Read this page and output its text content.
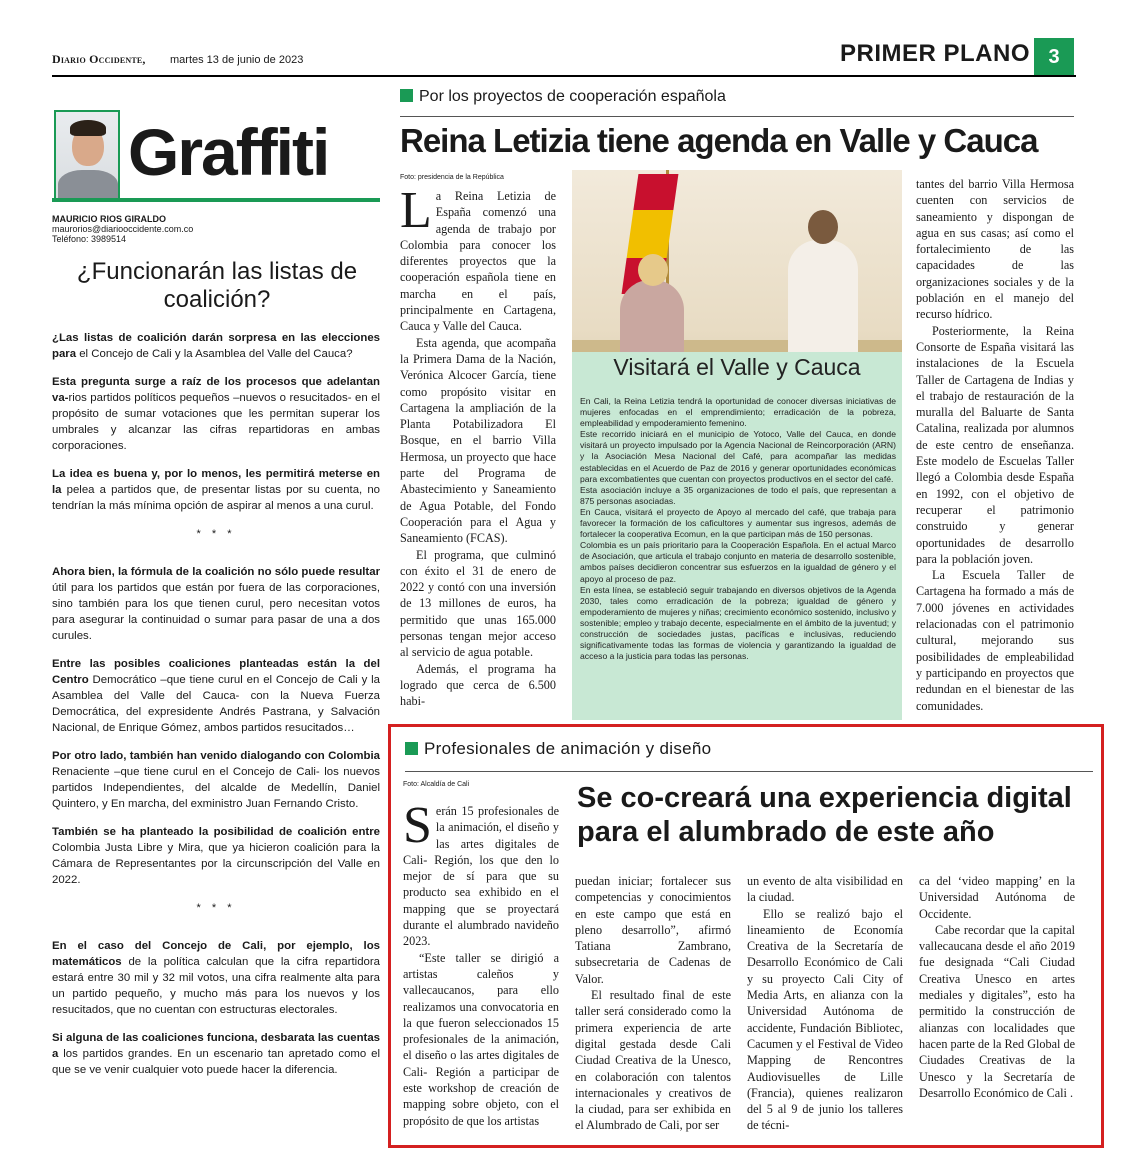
Diario Occidente, martes 13 de junio de 2023	PRIMER PLANO 3
Graffiti
MAURICIO RIOS GIRALDO
maurorios@diariooccidente.com.co
Teléfono: 3989514
¿Funcionarán las listas de coalición?

¿Las listas de coalición darán sorpresa en las elecciones para el Concejo de Cali y la Asamblea del Valle del Cauca?

Esta pregunta surge a raíz de los procesos que adelantan va-rios partidos políticos pequeños –nuevos o resucitados- en el propósito de sumar votaciones que les permitan superar los umbrales y alcanzar las cifras repartidoras en ambas corporaciones.

La idea es buena y, por lo menos, les permitirá meterse en la pelea a partidos que, de presentar listas por su cuenta, no tendrían la más mínima opción de aspirar al menos a una curul.

* * *

Ahora bien, la fórmula de la coalición no sólo puede resultar útil para los partidos que están por fuera de las corporaciones, sino también para los que tienen curul, pero necesitan votos para asegurar la continuidad o sumar para pasar de una a dos curules.

Entre las posibles coaliciones planteadas están la del Centro Democrático –que tiene curul en el Concejo de Cali y la Asamblea del Valle del Cauca- con la Nueva Fuerza Democrática, del expresidente Andrés Pastrana, y Salvación Nacional, de Enrique Gómez, ambos partidos resucitados…

Por otro lado, también han venido dialogando con Colombia Renaciente –que tiene curul en el Concejo de Cali- los nuevos partidos Independientes, del alcalde de Medellín, Daniel Quintero, y En marcha, del exministro Juan Fernando Cristo.

También se ha planteado la posibilidad de coalición entre Colombia Justa Libre y Mira, que ya hicieron coalición para la Cámara de Representantes por la circunscripción del Valle en 2022.

* * *

En el caso del Concejo de Cali, por ejemplo, los matemáticos de la política calculan que la cifra repartidora estará entre 30 mil y 32 mil votos, una cifra realmente alta para un partido pequeño, y mucho más para los nuevos y los resucitados, que no cuentan con estructuras electorales.

Si alguna de las coaliciones funciona, desbarata las cuentas a los partidos grandes. En un escenario tan apretado como el que se ve venir cualquier voto puede hacer la diferencia.

Por los proyectos de cooperación española
Reina Letizia tiene agenda en Valle y Cauca
Foto: presidencia de la República

La Reina Letizia de España comenzó una agenda de trabajo por Colombia para conocer los diferentes proyectos que la cooperación española tiene en marcha en el país, principalmente en Cartagena, Cauca y Valle del Cauca.

Esta agenda, que acompaña la Primera Dama de la Nación, Verónica Alcocer García, tiene como propósito visitar en Cartagena la ampliación de la Planta Potabilizadora El Bosque, en el barrio Villa Hermosa, un proyecto que hace parte del Programa de Abastecimiento y Saneamiento de Agua Potable, del Fondo Cooperación para el Agua y Saneamiento (FCAS).

El programa, que culminó con éxito el 31 de enero de 2022 y contó con una inversión de 13 millones de euros, ha permitido que unas 165.000 personas tengan mejor acceso al servicio de agua potable.

Además, el programa ha logrado que cerca de 6.500 habi-

Visitará el Valle y Cauca

En Cali, la Reina Letizia tendrá la oportunidad de conocer diversas iniciativas de mujeres enfocadas en el emprendimiento; erradicación de la pobreza, empleabilidad y empoderamiento femenino.

Este recorrido iniciará en el municipio de Yotoco, Valle del Cauca, en donde visitará un proyecto impulsado por la Agencia Nacional de Reincorporación (ARN) y la Asociación Mesa Nacional del Café, para acompañar las medidas establecidas en el Acuerdo de Paz de 2016 y generar oportunidades económicas para excombatientes que cuentan con proyectos productivos en el sector del café.

Esta asociación incluye a 35 organizaciones de todo el país, que representan a 875 personas asociadas.

En Cauca, visitará el proyecto de Apoyo al mercado del café, que trabaja para favorecer la formación de los caficultores y aumentar sus ingresos, además de fortalecer la cooperativa Ecomun, en la que participan más de 150 personas.

Colombia es un país prioritario para la Cooperación Española. En el actual Marco de Asociación, que articula el trabajo conjunto en materia de desarrollo sostenible, ambos países decidieron concentrar sus esfuerzos en la igualdad de género y el apoyo al proceso de paz.

En esta línea, se estableció seguir trabajando en diversos objetivos de la Agenda 2030, tales como erradicación de la pobreza; igualdad de género y empoderamiento de mujeres y niñas; crecimiento económico sostenido, inclusivo y sostenible; empleo y trabajo decente, especialmente en el ámbito de la juventud; y construcción de sociedades justas, pacíficas e inclusivas, reduciendo significativamente todas las formas de violencia y garantizando la igualdad de acceso a la justicia para todas las personas.

tantes del barrio Villa Hermosa cuenten con servicios de saneamiento y dispongan de agua en sus casas; así como el fortalecimiento de las capacidades de las organizaciones sociales y de la población en el manejo del recurso hídrico.

Posteriormente, la Reina Consorte de España visitará las instalaciones de la Escuela Taller de Cartagena de Indias y el trabajo de restauración de la muralla del Baluarte de Santa Catalina, realizada por alumnos de este centro de enseñanza. Este modelo de Escuelas Taller llegó a Colombia desde España en 1992, con el objetivo de recuperar el patrimonio construido y generar oportunidades de desarrollo para la población joven.

La Escuela Taller de Cartagena ha formado a más de 7.000 jóvenes en actividades relacionadas con el patrimonio cultural, mejorando sus posibilidades de empleabilidad y participando en proyectos que redundan en el bienestar de las comunidades.

Profesionales de animación y diseño
Foto: Alcaldía de Cali	Se co-creará una experiencia digital para el alumbrado de este año

Serán 15 profesionales de la animación, el diseño y las artes digitales de Cali- Región, los que den lo mejor de sí para que su producto sea exhibido en el mapping que se proyectará durante el alumbrado navideño 2023.

“Este taller se dirigió a artistas caleños y vallecaucanos, para ello realizamos una convocatoria en la que fueron seleccionados 15 profesionales de la animación, el diseño o las artes digitales de Cali- Región a participar de este workshop de creación de mapping sobre objeto, con el propósito de que los artistas

puedan iniciar; fortalecer sus competencias y conocimientos en este campo que está en pleno desarrollo”, afirmó Tatiana Zambrano, subsecretaria de Cadenas de Valor.

El resultado final de este taller será considerado como la primera experiencia de arte digital gestada desde Cali Ciudad Creativa de la Unesco, en colaboración con talentos internacionales y creativos de la ciudad, para ser exhibida en el Alumbrado de Cali, por ser

un evento de alta visibilidad en la ciudad.

Ello se realizó bajo el lineamiento de Economía Creativa de la Secretaría de Desarrollo Económico de Cali y su proyecto Cali City of Media Arts, en alianza con la Universidad Autónoma de accidente, Fundación Bibliotec, Cacumen y el Festival de Video Mapping de Rencontres Audiovisuelles de Lille (Francia), quienes realizaron del 5 al 9 de junio los talleres de técni-

ca del ‘video mapping’ en la Universidad Autónoma de Occidente.

Cabe recordar que la capital vallecaucana desde el año 2019 fue designada “Cali Ciudad Creativa Unesco en artes mediales y digitales”, esto ha permitido la construcción de alianzas con localidades que hacen parte de la Red Global de Ciudades Creativas de la Unesco y la Secretaría de Desarrollo Económico de Cali .
